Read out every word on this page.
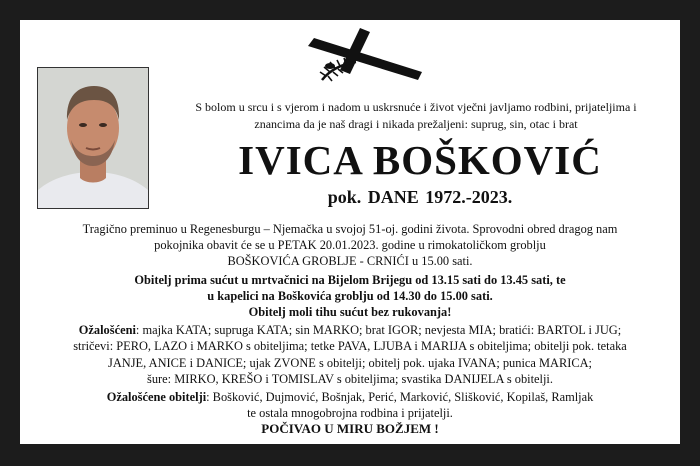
S bolom u srcu i s vjerom i nadom u uskrsnuće i život vječni javljamo rodbini, prijateljima i
znancima da je naš dragi i nikada prežaljeni: suprug, sin, otac i brat
IVICA BOŠKOVIĆ
pok. DANE 1972.-2023.

Tragično preminuo u Regenesburgu – Njemačka u svojoj 51-oj. godini života. Sprovodni obred dragog nam

pokojnika obavit će se u PETAK 20.01.2023. godine u rimokatoličkom groblju

BOŠKOVIĆA GROBLJE - CRNIĆI u 15.00 sati.

Obitelj prima sućut u mrtvačnici na Bijelom Brijegu od 13.15 sati do 13.45 sati, te

u kapelici na Boškovića groblju od 14.30 do 15.00 sati.

Obitelj moli tihu sućut bez rukovanja!

Ožalošćeni: majka KATA; supruga KATA; sin MARKO; brat IGOR; nevjesta MIA; bratići: BARTOL i JUG;

stričevi: PERO, LAZO i MARKO s obiteljima; tetke PAVA, LJUBA i MARIJA s obiteljima; obitelji pok. tetaka

JANJE, ANICE i DANICE; ujak ZVONE s obitelji; obitelj pok. ujaka IVANA; punica MARICA;

šure: MIRKO, KREŠO i TOMISLAV s obiteljima; svastika DANIJELA s obitelji.

Ožalošćene obitelji: Bošković, Dujmović, Bošnjak, Perić, Marković, Slišković, Kopilaš, Ramljak

te ostala mnogobrojna rodbina i prijatelji.

POČIVAO U MIRU BOŽJEM !
